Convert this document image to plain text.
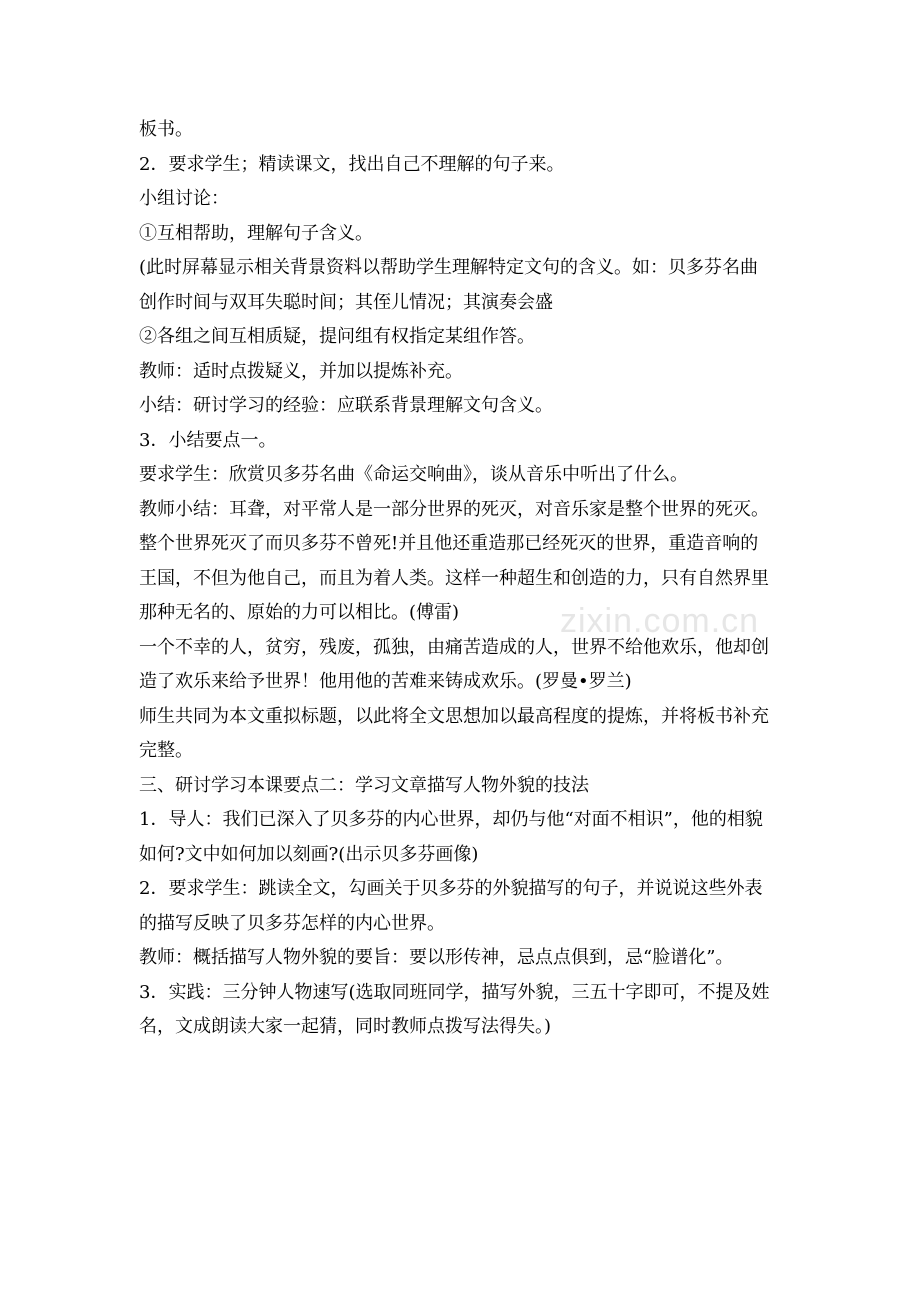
zixin.com.cn

板书。

2．要求学生；精读课文，找出自己不理解的句子来。

小组讨论：

①互相帮助，理解句子含义。

(此时屏幕显示相关背景资料以帮助学生理解特定文句的含义。如：贝多芬名曲

创作时间与双耳失聪时间；其侄儿情况；其演奏会盛

②各组之间互相质疑，提问组有权指定某组作答。

教师：适时点拨疑义，并加以提炼补充。

小结：研讨学习的经验：应联系背景理解文句含义。

3．小结要点一。

要求学生：欣赏贝多芬名曲《命运交响曲》，谈从音乐中听出了什么。

教师小结：耳聋，对平常人是一部分世界的死灭，对音乐家是整个世界的死灭。

整个世界死灭了而贝多芬不曾死!并且他还重造那已经死灭的世界，重造音响的

王国，不但为他自己，而且为着人类。这样一种超生和创造的力，只有自然界里

那种无名的、原始的力可以相比。(傅雷)

一个不幸的人，贫穷，残废，孤独，由痛苦造成的人，世界不给他欢乐，他却创

造了欢乐来给予世界！他用他的苦难来铸成欢乐。(罗曼•罗兰)

师生共同为本文重拟标题，以此将全文思想加以最高程度的提炼，并将板书补充

完整。

三、研讨学习本课要点二：学习文章描写人物外貌的技法

1．导人：我们已深入了贝多芬的内心世界，却仍与他“对面不相识”，他的相貌

如何?文中如何加以刻画?(出示贝多芬画像)

2．要求学生：跳读全文，勾画关于贝多芬的外貌描写的句子，并说说这些外表

的描写反映了贝多芬怎样的内心世界。

教师：概括描写人物外貌的要旨：要以形传神，忌点点俱到，忌“脸谱化”。

3．实践：三分钟人物速写(选取同班同学，描写外貌，三五十字即可，不提及姓

名，文成朗读大家一起猜，同时教师点拨写法得失。)
